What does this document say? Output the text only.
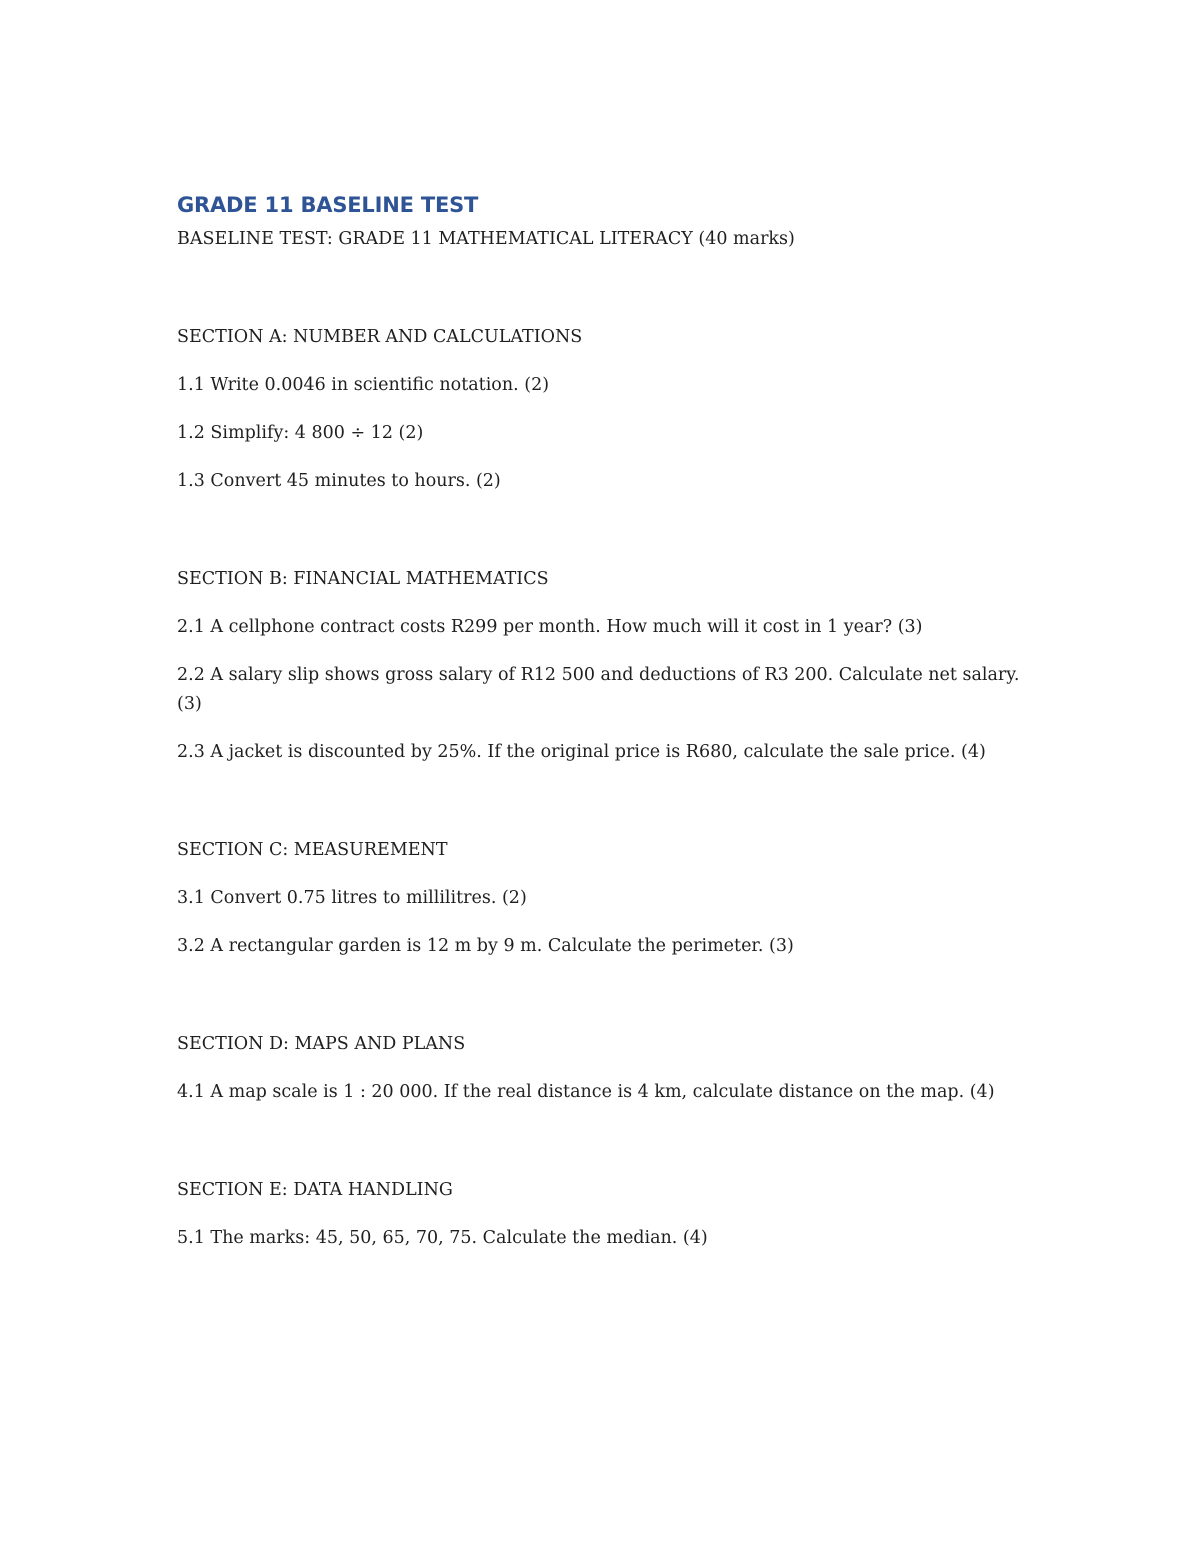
GRADE 11 BASELINE TEST

BASELINE TEST: GRADE 11 MATHEMATICAL LITERACY (40 marks)

SECTION A: NUMBER AND CALCULATIONS

1.1 Write 0.0046 in scientific notation. (2)

1.2 Simplify: 4 800 ÷ 12 (2)

1.3 Convert 45 minutes to hours. (2)

SECTION B: FINANCIAL MATHEMATICS

2.1 A cellphone contract costs R299 per month. How much will it cost in 1 year? (3)

2.2 A salary slip shows gross salary of R12 500 and deductions of R3 200. Calculate net salary. (3)

2.3 A jacket is discounted by 25%. If the original price is R680, calculate the sale price. (4)

SECTION C: MEASUREMENT

3.1 Convert 0.75 litres to millilitres. (2)

3.2 A rectangular garden is 12 m by 9 m. Calculate the perimeter. (3)

SECTION D: MAPS AND PLANS

4.1 A map scale is 1 : 20 000. If the real distance is 4 km, calculate distance on the map. (4)

SECTION E: DATA HANDLING

5.1 The marks: 45, 50, 65, 70, 75. Calculate the median. (4)
